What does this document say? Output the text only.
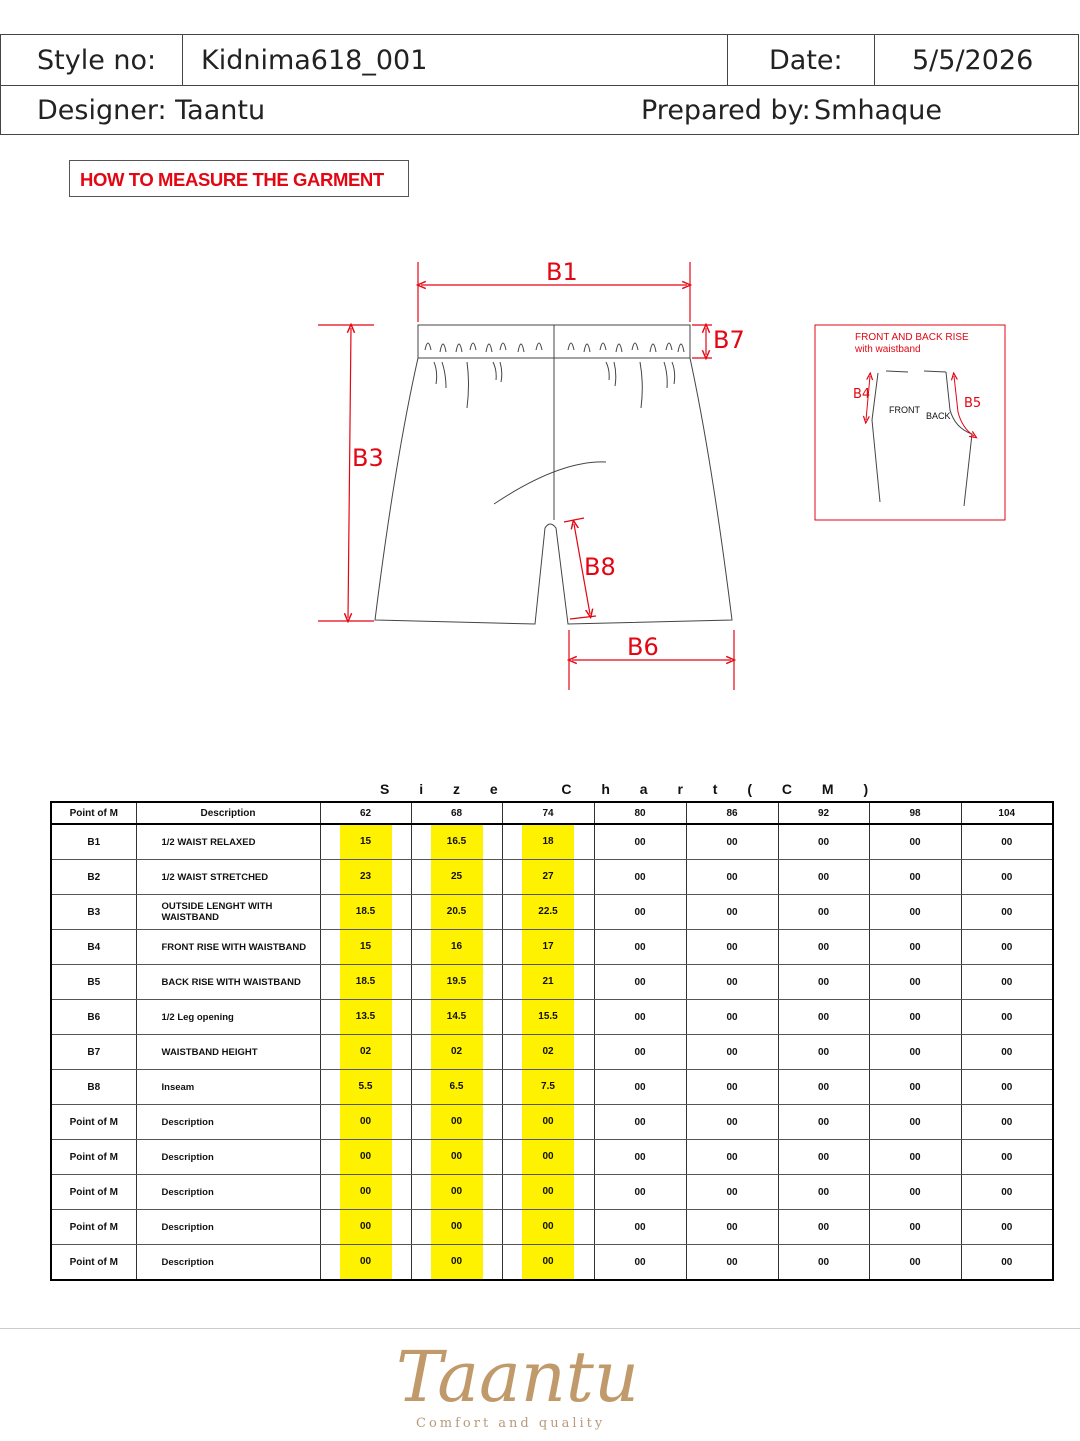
Style no: Kidnima618_001	Date:	5/5/2026
Designer: Taantu	Prepared by: Smhaque
HOW TO MEASURE THE GARMENT
B1
B7
B3
B8
B6
FRONT AND BACK RISE
with waistband
B4
B5
FRONT
BACK
S i z e   C h a r t ( C M )
Point of M	Description	62	68	74	80	86	92	98	104
B1	1/2 WAIST RELAXED	15	16.5	18	00	00	00	00	00
B2	1/2 WAIST STRETCHED	23	25	27	00	00	00	00	00
B3	OUTSIDE LENGHT WITH WAISTBAND	18.5	20.5	22.5	00	00	00	00	00
B4	FRONT RISE WITH WAISTBAND	15	16	17	00	00	00	00	00
B5	BACK RISE WITH WAISTBAND	18.5	19.5	21	00	00	00	00	00
B6	1/2 Leg opening	13.5	14.5	15.5	00	00	00	00	00
B7	WAISTBAND HEIGHT	02	02	02	00	00	00	00	00
B8	Inseam	5.5	6.5	7.5	00	00	00	00	00
Point of M	Description	00	00	00	00	00	00	00	00
Point of M	Description	00	00	00	00	00	00	00	00
Point of M	Description	00	00	00	00	00	00	00	00
Point of M	Description	00	00	00	00	00	00	00	00
Point of M	Description	00	00	00	00	00	00	00	00
Taantu
Comfort and quality
